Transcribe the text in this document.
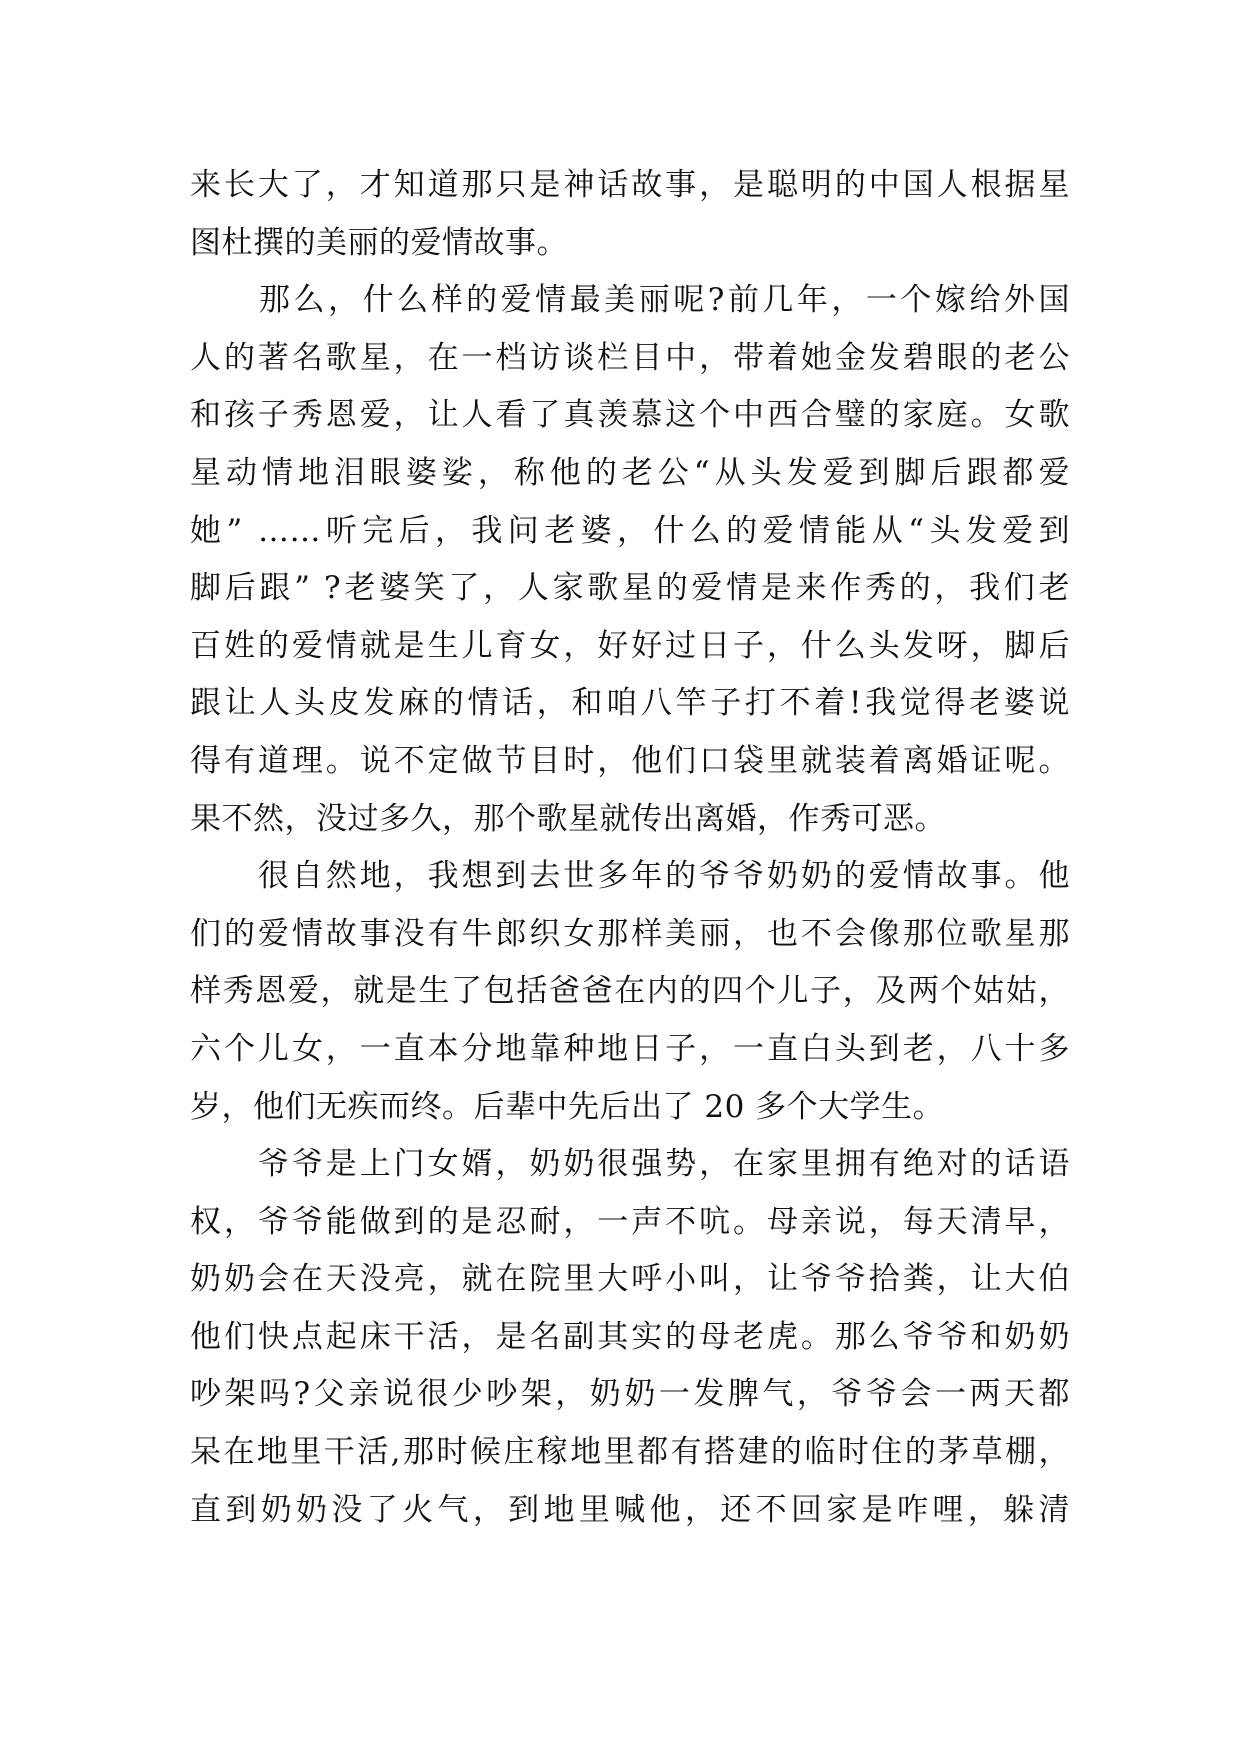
来长大了，才知道那只是神话故事，是聪明的中国人根据星
图杜撰的美丽的爱情故事。
　　那么，什么样的爱情最美丽呢?前几年，一个嫁给外国
人的著名歌星，在一档访谈栏目中，带着她金发碧眼的老公
和孩子秀恩爱，让人看了真羡慕这个中西合璧的家庭。女歌
星动情地泪眼婆娑，称他的老公“从头发爱到脚后跟都爱
她” ……听完后，我问老婆，什么的爱情能从“头发爱到
脚后跟” ?老婆笑了，人家歌星的爱情是来作秀的，我们老
百姓的爱情就是生儿育女，好好过日子，什么头发呀，脚后
跟让人头皮发麻的情话，和咱八竿子打不着!我觉得老婆说
得有道理。说不定做节目时，他们口袋里就装着离婚证呢。
果不然，没过多久，那个歌星就传出离婚，作秀可恶。
　　很自然地，我想到去世多年的爷爷奶奶的爱情故事。他
们的爱情故事没有牛郎织女那样美丽，也不会像那位歌星那
样秀恩爱，就是生了包括爸爸在内的四个儿子，及两个姑姑，
六个儿女，一直本分地靠种地日子，一直白头到老，八十多
岁，他们无疾而终。后辈中先后出了 20 多个大学生。
　　爷爷是上门女婿，奶奶很强势，在家里拥有绝对的话语
权，爷爷能做到的是忍耐，一声不吭。母亲说，每天清早，
奶奶会在天没亮，就在院里大呼小叫，让爷爷拾粪，让大伯
他们快点起床干活，是名副其实的母老虎。那么爷爷和奶奶
吵架吗?父亲说很少吵架，奶奶一发脾气，爷爷会一两天都
呆在地里干活,那时候庄稼地里都有搭建的临时住的茅草棚，
直到奶奶没了火气，到地里喊他，还不回家是咋哩，躲清
